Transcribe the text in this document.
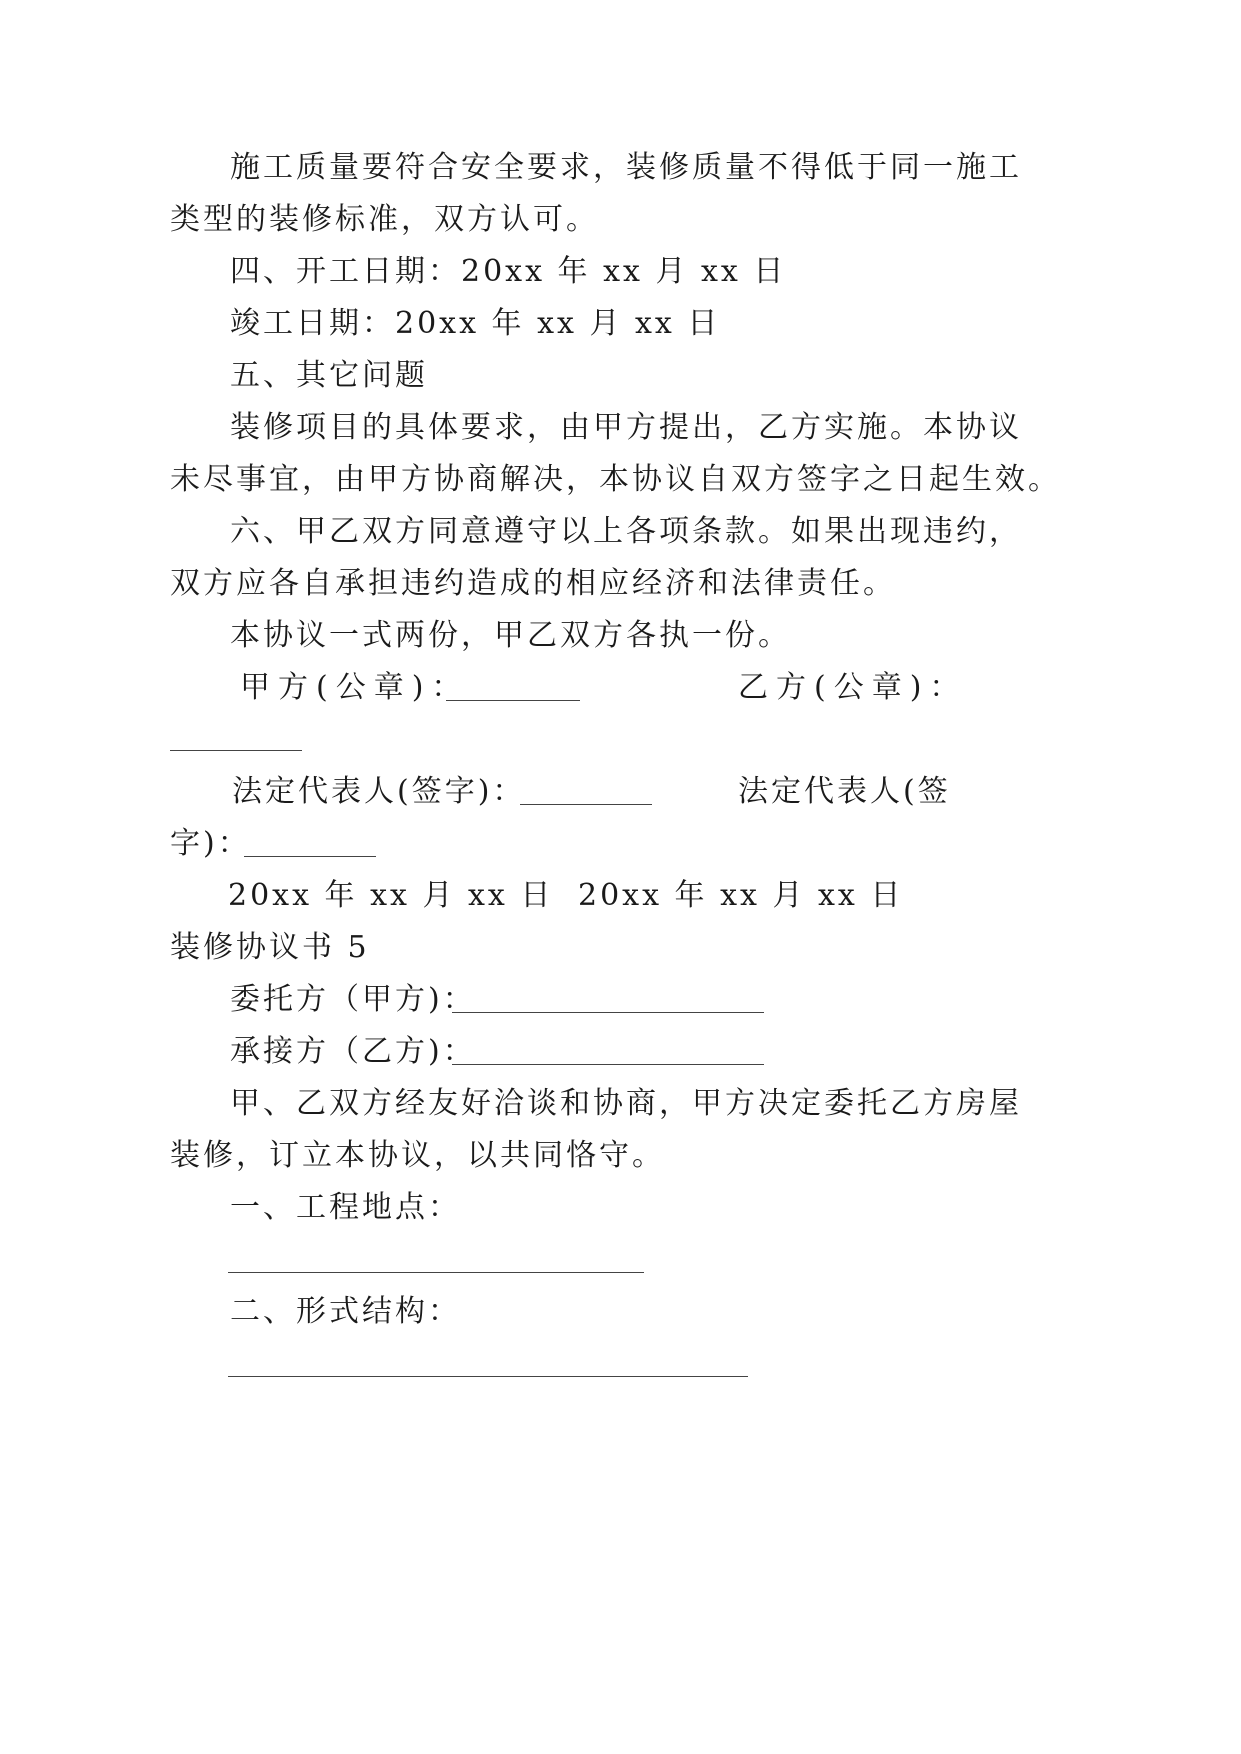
施工质量要符合安全要求，装修质量不得低于同一施工
类型的装修标准，双方认可。
四、开工日期：20xx 年 xx 月 xx 日
竣工日期：20xx 年 xx 月 xx 日
五、其它问题
装修项目的具体要求，由甲方提出，乙方实施。本协议
未尽事宜，由甲方协商解决，本协议自双方签字之日起生效。
六、甲乙双方同意遵守以上各项条款。如果出现违约，
双方应各自承担违约造成的相应经济和法律责任。
本协议一式两份，甲乙双方各执一份。
甲方(公章)：	乙方(公章)：
法定代表人(签字)：	法定代表人(签
字)：
20xx 年 xx 月 xx 日 20xx 年 xx 月 xx 日
装修协议书 5
委托方（甲方)：
承接方（乙方)：
甲、乙双方经友好洽谈和协商，甲方决定委托乙方房屋
装修，订立本协议，以共同恪守。
一、工程地点：
二、形式结构：
